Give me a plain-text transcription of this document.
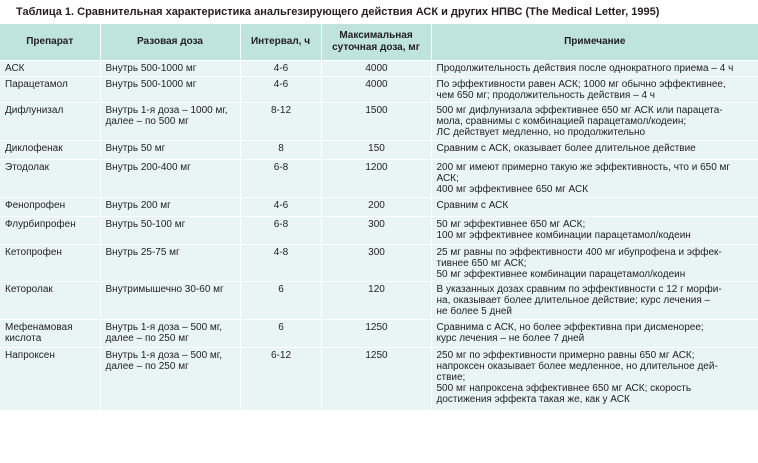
Таблица 1. Сравнительная характеристика анальгезирующего действия АСК и других НПВС (The Medical Letter, 1995)
Препарат	Разовая доза	Интервал, ч	Максимальная
суточная доза, мг	Примечание
АСК	Внутрь 500-1000 мг	4-6	4000	Продолжительность действия после однократного приема – 4 ч
Парацетамол	Внутрь 500-1000 мг	4-6	4000	По эффективности равен АСК; 1000 мг обычно эффективнее,
чем 650 мг; продолжительность действия – 4 ч
Дифлунизал	Внутрь 1-я доза – 1000 мг,
далее – по 500 мг	8-12	1500	500 мг дифлунизала эффективнее 650 мг АСК или парацета-
мола, сравнимы с комбинацией парацетамол/кодеин;
ЛС действует медленно, но продолжительно
Диклофенак	Внутрь 50 мг	8	150	Сравним с АСК, оказывает более длительное действие
Этодолак	Внутрь 200-400 мг	6-8	1200	200 мг имеют примерно такую же эффективность, что и 650 мг
АСК;
400 мг эффективнее 650 мг АСК
Фенопрофен	Внутрь 200 мг	4-6	200	Сравним с АСК
Флурбипрофен	Внутрь 50-100 мг	6-8	300	50 мг эффективнее 650 мг АСК;
100 мг эффективнее комбинации парацетамол/кодеин
Кетопрофен	Внутрь 25-75 мг	4-8	300	25 мг равны по эффективности 400 мг ибупрофена и эффек-
тивнее 650 мг АСК;
50 мг эффективнее комбинации парацетамол/кодеин
Кеторолак	Внутримышечно 30-60 мг	6	120	В указанных дозах сравним по эффективности с 12 г морфи-
на, оказывает более длительное действие; курс лечения –
не более 5 дней
Мефенамовая
кислота	Внутрь 1-я доза – 500 мг,
далее – по 250 мг	6	1250	Сравнима с АСК, но более эффективна при дисменорее;
курс лечения – не более 7 дней
Напроксен	Внутрь 1-я доза – 500 мг,
далее – по 250 мг	6-12	1250	250 мг по эффективности примерно равны 650 мг АСК;
напроксен оказывает более медленное, но длительное дей-
ствие;
500 мг напроксена эффективнее 650 мг АСК; скорость
достижения эффекта такая же, как у АСК
